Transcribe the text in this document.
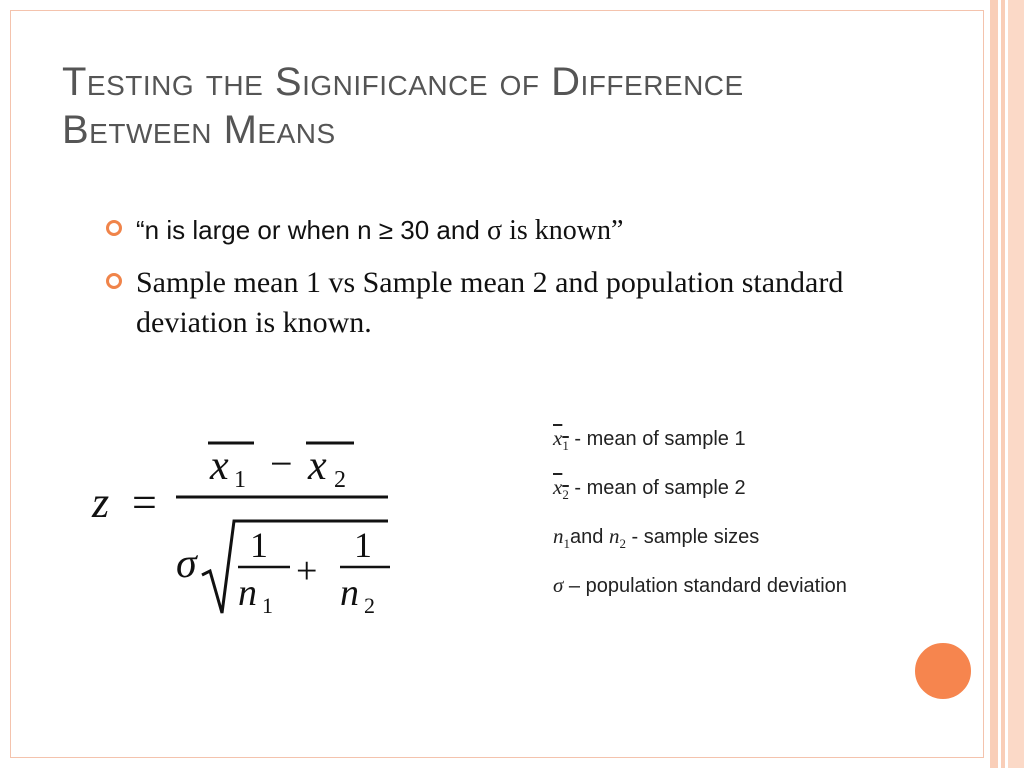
Testing the Significance of Difference
Between Means
“n is large or when n ≥ 30 and σ is known”
Sample mean 1 vs Sample mean 2 and population standard deviation is known.
z =
x 1 − x 2
σ 1
n 1
+
1
n 2
$x_1$ - mean of sample 1
$x_2$ - mean of sample 2
$n_1and$ $n_2$ - sample sizes
σ – population standard deviation
